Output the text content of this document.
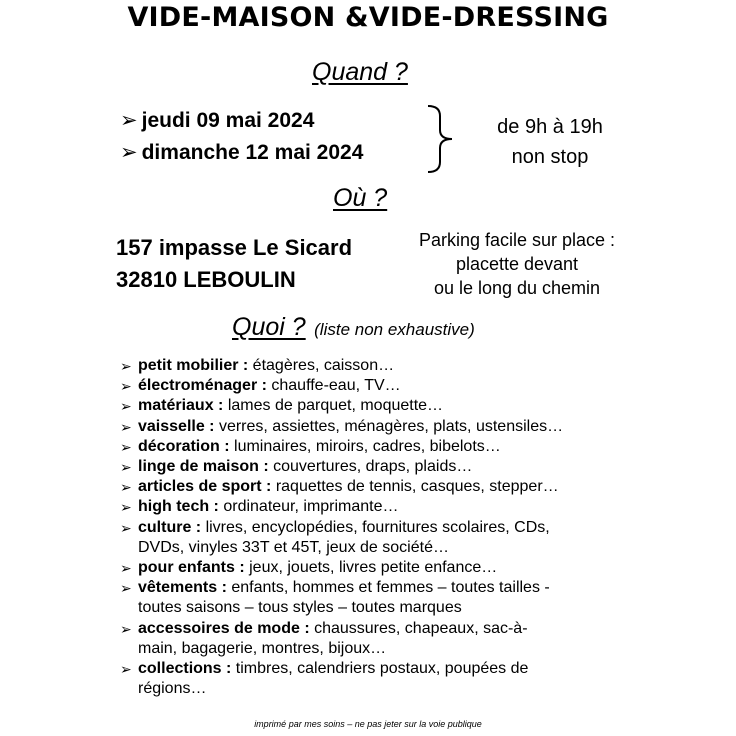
VIDE-MAISON &VIDE-DRESSING
Quand ?
➢ jeudi 09 mai 2024
➢ dimanche 12 mai 2024
de 9h à 19h
non stop
Où ?
157 impasse Le Sicard
32810 LEBOULIN
Parking facile sur place :
placette devant
ou le long du chemin
Quoi ? (liste non exhaustive)
➢ petit mobilier : étagères, caisson…
➢ électroménager : chauffe-eau, TV…
➢ matériaux : lames de parquet, moquette…
➢ vaisselle : verres, assiettes, ménagères, plats, ustensiles…
➢ décoration : luminaires, miroirs, cadres, bibelots…
➢ linge de maison : couvertures, draps, plaids…
➢ articles de sport : raquettes de tennis, casques, stepper…
➢ high tech : ordinateur, imprimante…
➢ culture : livres, encyclopédies, fournitures scolaires, CDs,
DVDs, vinyles 33T et 45T, jeux de société…
➢ pour enfants : jeux, jouets, livres petite enfance…
➢ vêtements : enfants, hommes et femmes – toutes tailles -
toutes saisons – tous styles – toutes marques
➢ accessoires de mode : chaussures, chapeaux, sac-à-
main, bagagerie, montres, bijoux…
➢ collections : timbres, calendriers postaux, poupées de
régions…
imprimé par mes soins – ne pas jeter sur la voie publique
